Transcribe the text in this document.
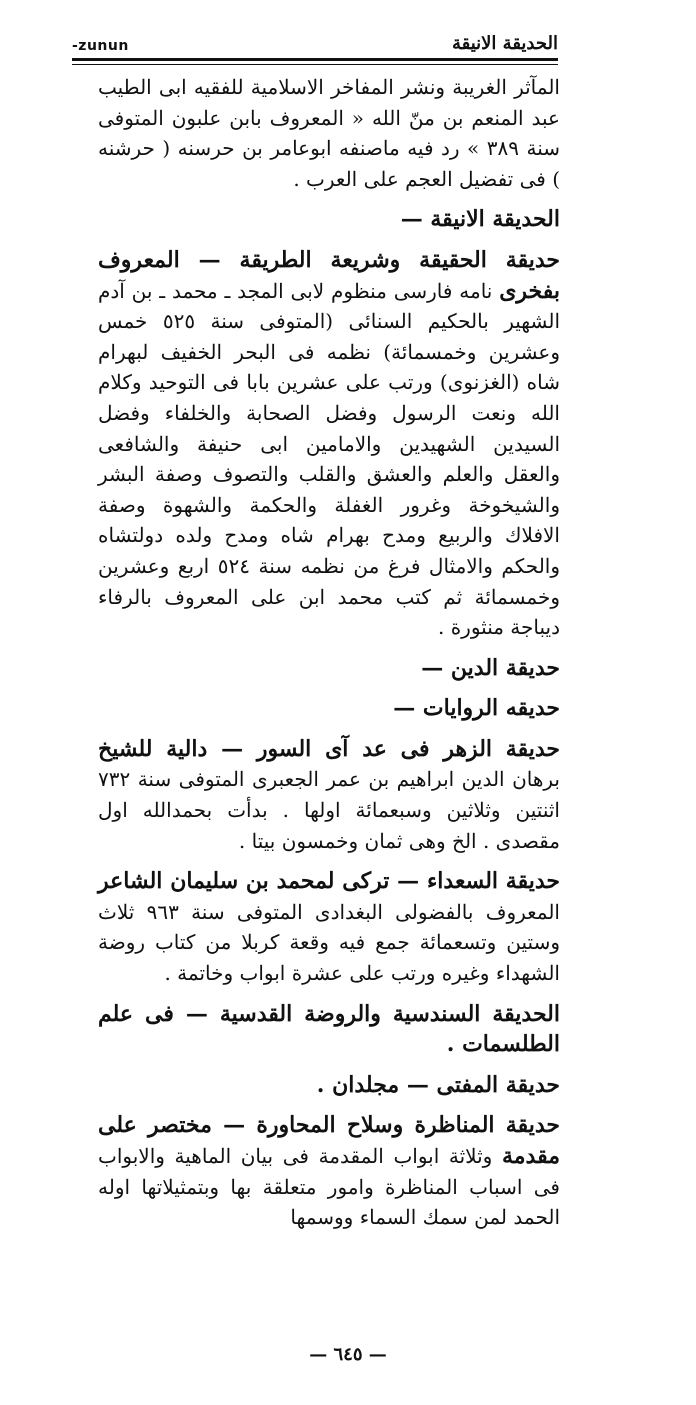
-zunun	الحديقة الانيقة

المآثر الغريبة ونشر المفاخر الاسلامية للفقيه ابى الطيب عبد المنعم بن منّ الله « المعروف بابن علبون المتوفى سنة ٣٨٩ » رد فيه ماصنفه ابوعامر بن حرسنه ( حرشنه ) فى تفضيل العجم على العرب .

الحديقة الانيقة —

حديقة الحقيقة وشريعة الطريقة — المعروف بفخرى نامه فارسى منظوم لابى المجد ـ محمد ـ بن آدم الشهير بالحكيم السنائى (المتوفى سنة ٥٢٥ خمس وعشرين وخمسمائة) نظمه فى البحر الخفيف لبهرام شاه (الغزنوى) ورتب على عشرين بابا فى التوحيد وكلام الله ونعت الرسول وفضل الصحابة والخلفاء وفضل السيدين الشهيدين والامامين ابى حنيفة والشافعى والعقل والعلم والعشق والقلب والتصوف وصفة البشر والشيخوخة وغرور الغفلة والحكمة والشهوة وصفة الافلاك والربيع ومدح بهرام شاه ومدح ولده دولتشاه والحكم والامثال فرغ من نظمه سنة ٥٢٤ اربع وعشرين وخمسمائة ثم كتب محمد ابن على المعروف بالرفاء ديباجة منثورة .

حديقة الدين —

حديقه الروايات —

حديقة الزهر فى عد آى السور — دالية للشيخ برهان الدين ابراهيم بن عمر الجعبرى المتوفى سنة ٧٣٢ اثنتين وثلاثين وسبعمائة اولها . بدأت بحمدالله اول مقصدى . الخ وهى ثمان وخمسون بيتا .

حديقة السعداء — تركى لمحمد بن سليمان الشاعر المعروف بالفضولى البغدادى المتوفى سنة ٩٦٣ ثلاث وستين وتسعمائة جمع فيه وقعة كربلا من كتاب روضة الشهداء وغيره ورتب على عشرة ابواب وخاتمة .

الحديقة السندسية والروضة القدسية — فى علم الطلسمات .

حديقة المفتى — مجلدان .

حديقة المناظرة وسلاح المحاورة — مختصر على مقدمة وثلاثة ابواب المقدمة فى بيان الماهية والابواب فى اسباب المناظرة وامور متعلقة بها وبتمثيلاتها اوله الحمد لمن سمك السماء ووسمها

— ٦٤٥ —
